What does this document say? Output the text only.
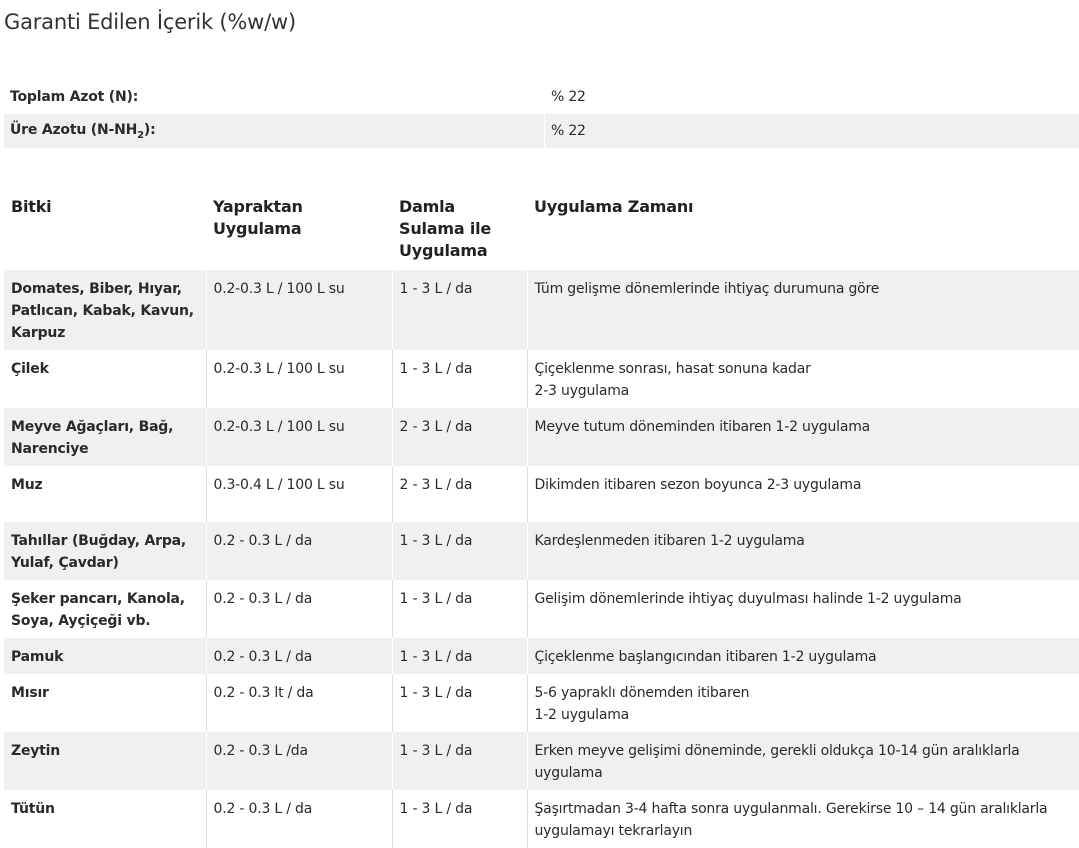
Garanti Edilen İçerik (%w/w)
Toplam Azot (N):	% 22
Üre Azotu $(N-NH_2)$:	% 22
Bitki	Yapraktan Uygulama	Damla Sulama ile Uygulama	Uygulama Zamanı
Domates, Biber, Hıyar, Patlıcan, Kabak, Kavun, Karpuz	0.2-0.3 L / 100 L su	1 - 3 L / da	Tüm gelişme dönemlerinde ihtiyaç durumuna göre
Çilek	0.2-0.3 L / 100 L su	1 - 3 L / da	Çiçeklenme sonrası, hasat sonuna kadar
2-3 uygulama

Meyve Ağaçları, Bağ, Narenciye	0.2-0.3 L / 100 L su	2 - 3 L / da	Meyve tutum döneminden itibaren 1-2 uygulama
Muz	0.3-0.4 L / 100 L su	2 - 3 L / da	Dikimden itibaren sezon boyunca 2-3 uygulama
Tahıllar (Buğday, Arpa, Yulaf, Çavdar)	0.2 - 0.3 L / da	1 - 3 L / da	Kardeşlenmeden itibaren 1-2 uygulama
Şeker pancarı, Kanola, Soya, Ayçiçeği vb.	0.2 - 0.3 L / da	1 - 3 L / da	Gelişim dönemlerinde ihtiyaç duyulması halinde 1-2 uygulama
Pamuk	0.2 - 0.3 L / da	1 - 3 L / da	Çiçeklenme başlangıcından itibaren 1-2 uygulama
Mısır	0.2 - 0.3 lt / da	1 - 3 L / da	5-6 yapraklı dönemden itibaren
1-2 uygulama

Zeytin	0.2 - 0.3 L /da	1 - 3 L / da	Erken meyve gelişimi döneminde, gerekli oldukça 10-14 gün aralıklarla uygulama
Tütün	0.2 - 0.3 L / da	1 - 3 L / da	Şaşırtmadan 3-4 hafta sonra uygulanmalı. Gerekirse 10 – 14 gün aralıklarla uygulamayı tekrarlayın
